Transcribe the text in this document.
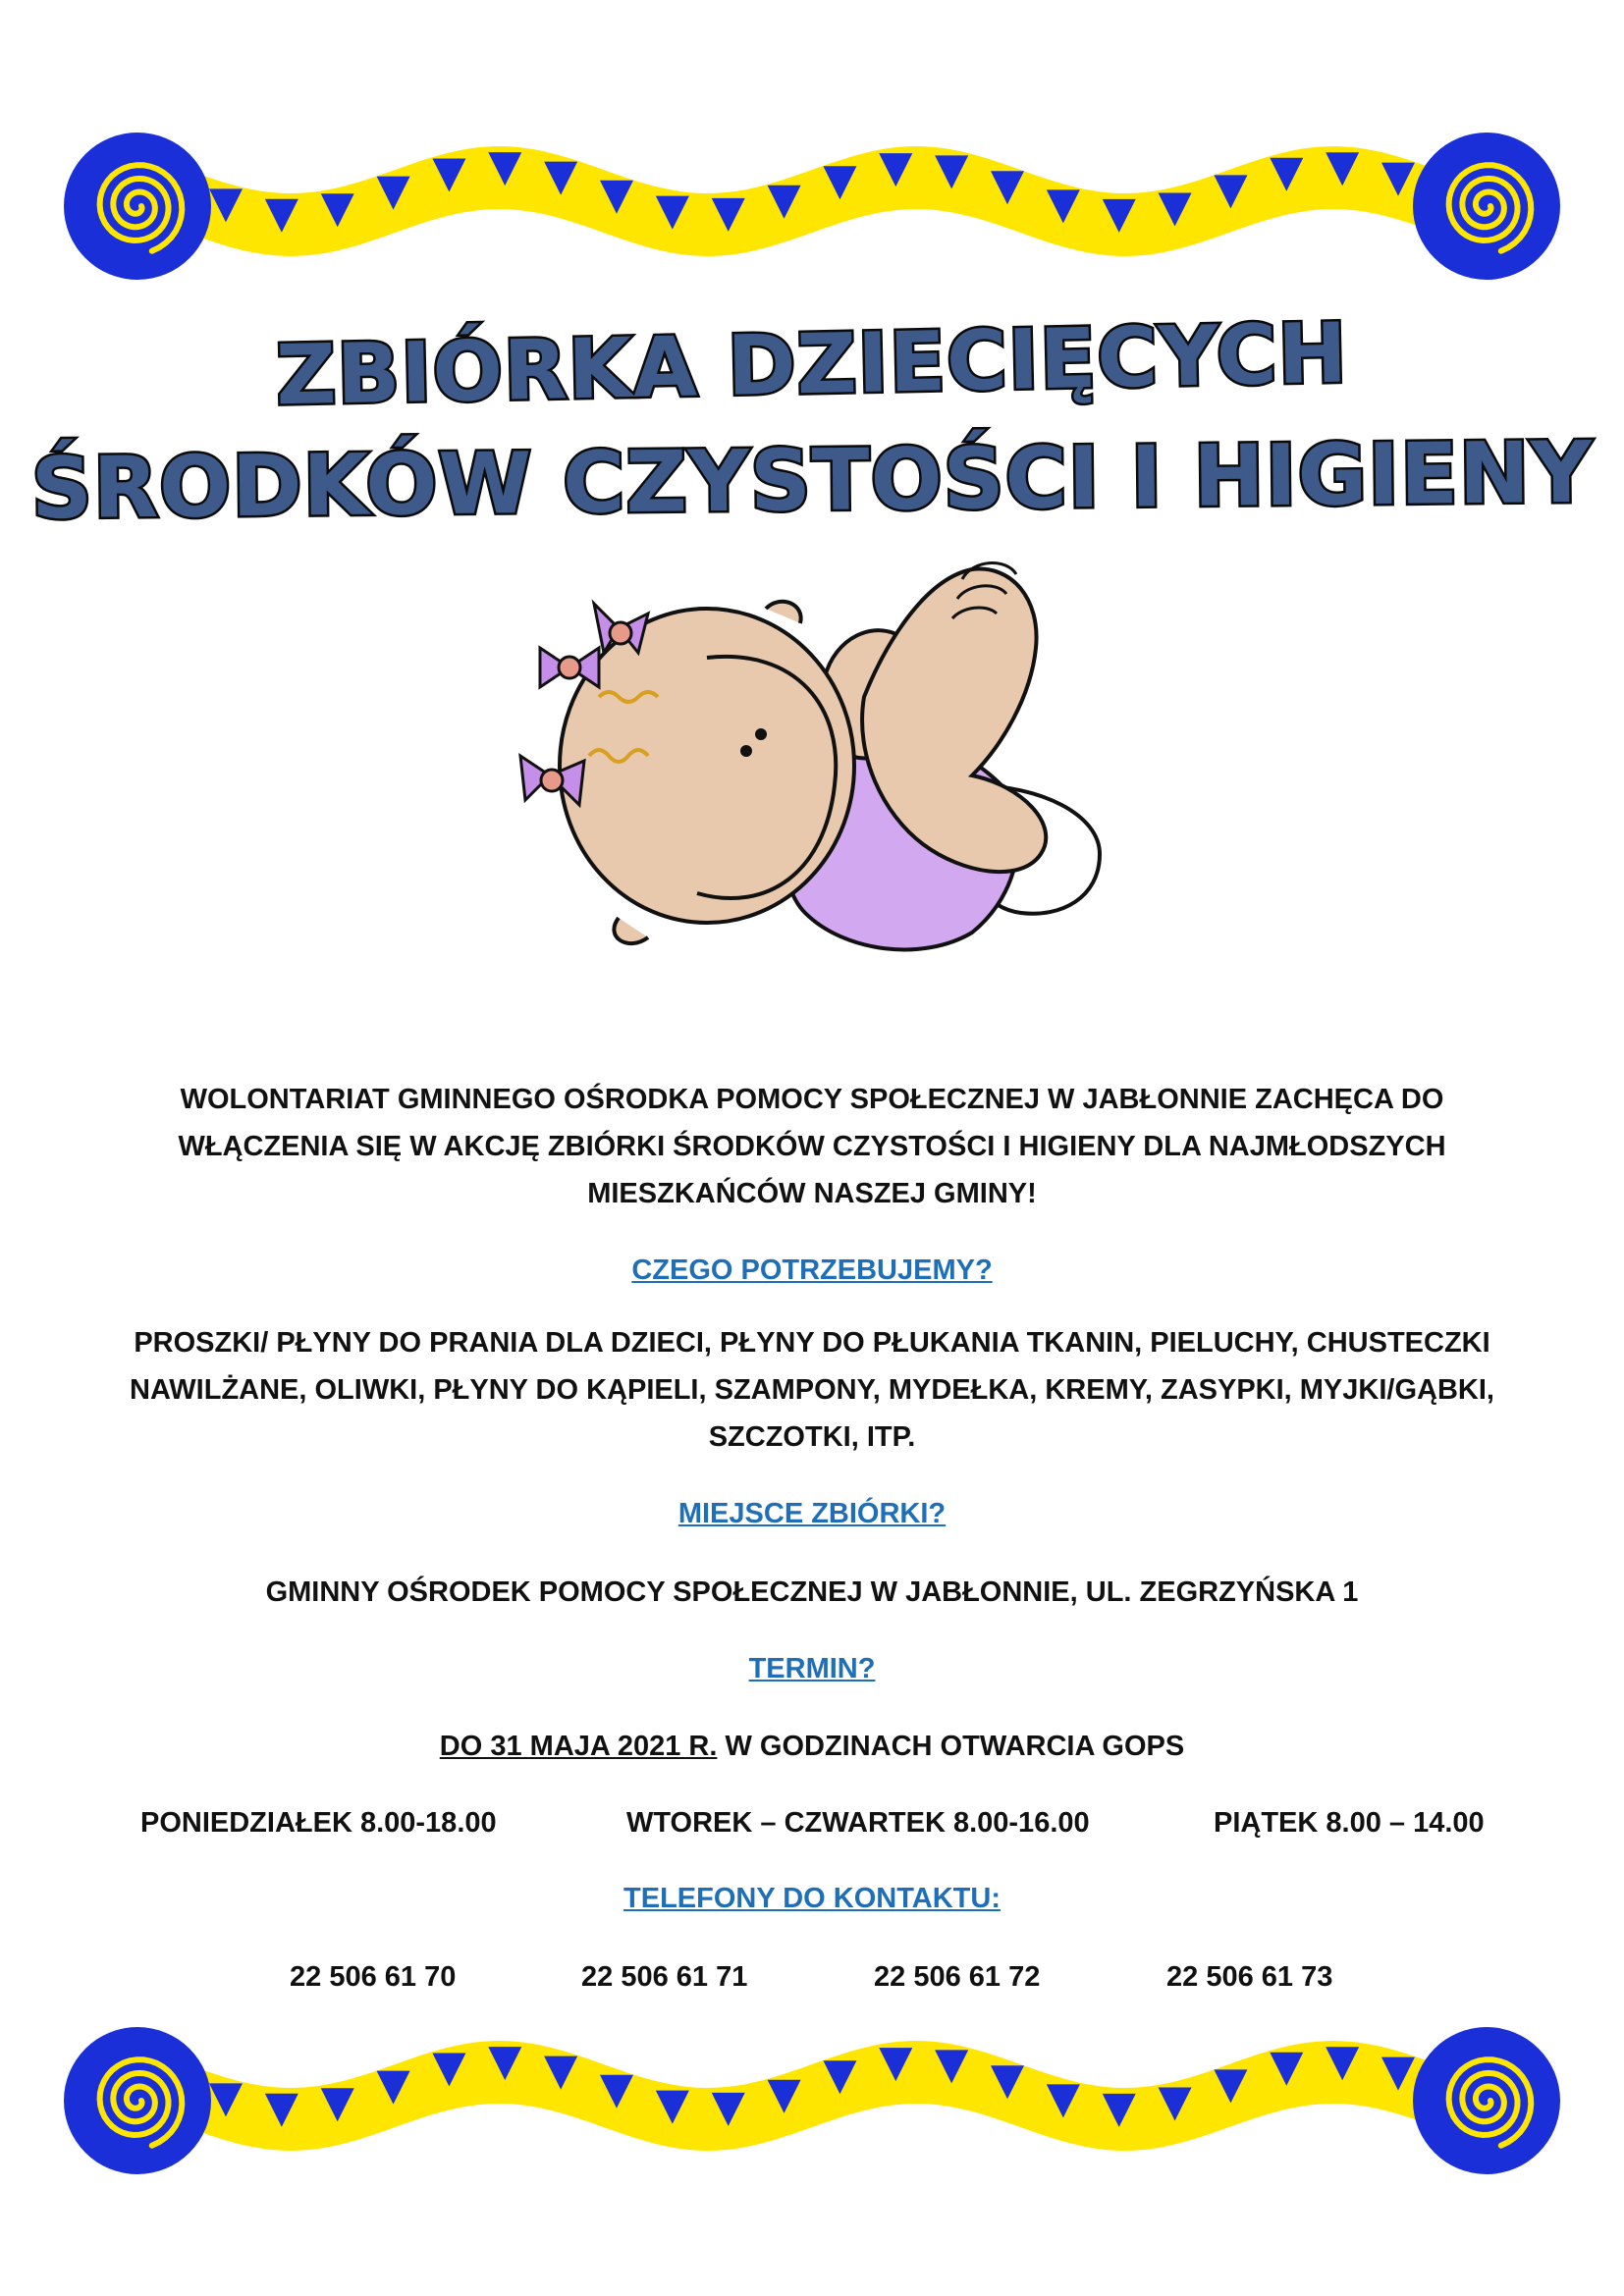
ZBIÓRKA DZIECIĘCYCH
ŚRODKÓW CZYSTOŚCI I HIGIENY
WOLONTARIAT GMINNEGO OŚRODKA POMOCY SPOŁECZNEJ W JABŁONNIE ZACHĘCA DO WŁĄCZENIA SIĘ W AKCJĘ ZBIÓRKI ŚRODKÓW CZYSTOŚCI I HIGIENY DLA NAJMŁODSZYCH MIESZKAŃCÓW NASZEJ GMINY!
CZEGO POTRZEBUJEMY?
PROSZKI/ PŁYNY DO PRANIA DLA DZIECI, PŁYNY DO PŁUKANIA TKANIN, PIELUCHY, CHUSTECZKI NAWILŻANE, OLIWKI, PŁYNY DO KĄPIELI, SZAMPONY, MYDEŁKA, KREMY, ZASYPKI, MYJKI/GĄBKI, SZCZOTKI, ITP.
MIEJSCE ZBIÓRKI?
GMINNY OŚRODEK POMOCY SPOŁECZNEJ W JABŁONNIE, UL. ZEGRZYŃSKA 1
TERMIN?
DO 31 MAJA 2021 R. W GODZINACH OTWARCIA GOPS
PONIEDZIAŁEK 8.00-18.00	WTOREK – CZWARTEK 8.00-16.00	PIĄTEK 8.00 – 14.00
TELEFONY DO KONTAKTU:
22 506 61 70	22 506 61 71	22 506 61 72	22 506 61 73
